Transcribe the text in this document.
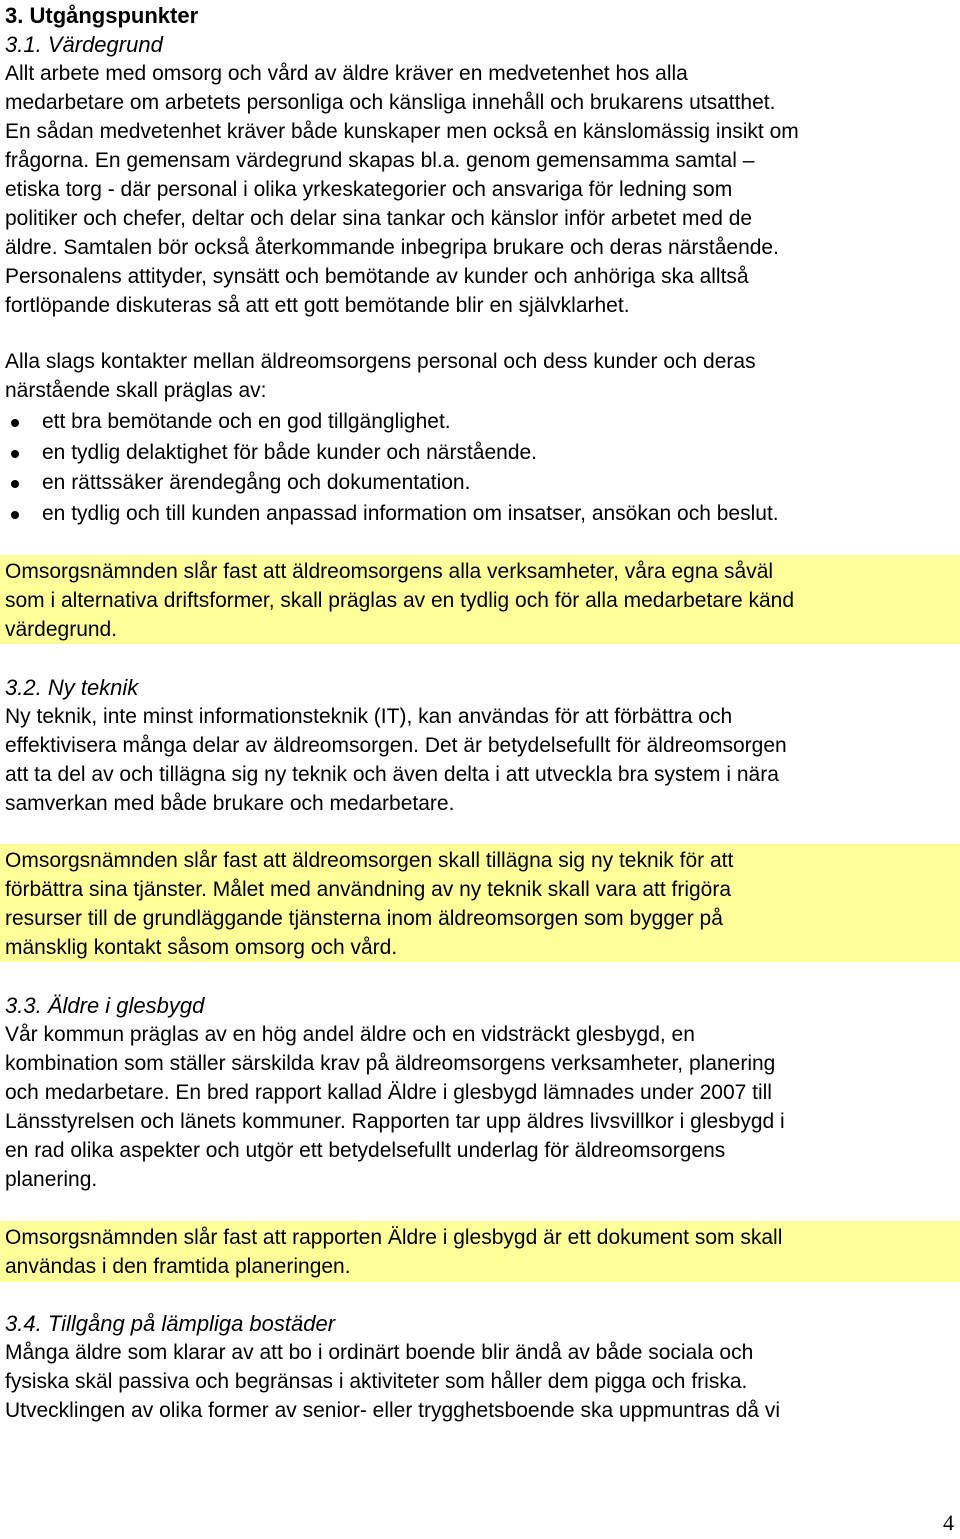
3. Utgångspunkter
3.1. Värdegrund
Allt arbete med omsorg och vård av äldre kräver en medvetenhet hos alla
medarbetare om arbetets personliga och känsliga innehåll och brukarens utsatthet.
En sådan medvetenhet kräver både kunskaper men också en känslomässig insikt om
frågorna. En gemensam värdegrund skapas bl.a. genom gemensamma samtal –
etiska torg - där personal i olika yrkeskategorier och ansvariga för ledning som
politiker och chefer, deltar och delar sina tankar och känslor inför arbetet med de
äldre. Samtalen bör också återkommande inbegripa brukare och deras närstående.
Personalens attityder, synsätt och bemötande av kunder och anhöriga ska alltså
fortlöpande diskuteras så att ett gott bemötande blir en självklarhet.
Alla slags kontakter mellan äldreomsorgens personal och dess kunder och deras
närstående skall präglas av:
ett bra bemötande och en god tillgänglighet.
en tydlig delaktighet för både kunder och närstående.
en rättssäker ärendegång och dokumentation.
en tydlig och till kunden anpassad information om insatser, ansökan och beslut.
Omsorgsnämnden slår fast att äldreomsorgens alla verksamheter, våra egna såväl
som i alternativa driftsformer, skall präglas av en tydlig och för alla medarbetare känd
värdegrund.
3.2. Ny teknik
Ny teknik, inte minst informationsteknik (IT), kan användas för att förbättra och
effektivisera många delar av äldreomsorgen. Det är betydelsefullt för äldreomsorgen
att ta del av och tillägna sig ny teknik och även delta i att utveckla bra system i nära
samverkan med både brukare och medarbetare.
Omsorgsnämnden slår fast att äldreomsorgen skall tillägna sig ny teknik för att
förbättra sina tjänster. Målet med användning av ny teknik skall vara att frigöra
resurser till de grundläggande tjänsterna inom äldreomsorgen som bygger på
mänsklig kontakt såsom omsorg och vård.
3.3. Äldre i glesbygd
Vår kommun präglas av en hög andel äldre och en vidsträckt glesbygd, en
kombination som ställer särskilda krav på äldreomsorgens verksamheter, planering
och medarbetare. En bred rapport kallad Äldre i glesbygd lämnades under 2007 till
Länsstyrelsen och länets kommuner. Rapporten tar upp äldres livsvillkor i glesbygd i
en rad olika aspekter och utgör ett betydelsefullt underlag för äldreomsorgens
planering.
Omsorgsnämnden slår fast att rapporten Äldre i glesbygd är ett dokument som skall
användas i den framtida planeringen.
3.4. Tillgång på lämpliga bostäder
Många äldre som klarar av att bo i ordinärt boende blir ändå av både sociala och
fysiska skäl passiva och begränsas i aktiviteter som håller dem pigga och friska.
Utvecklingen av olika former av senior- eller trygghetsboende ska uppmuntras då vi
4
